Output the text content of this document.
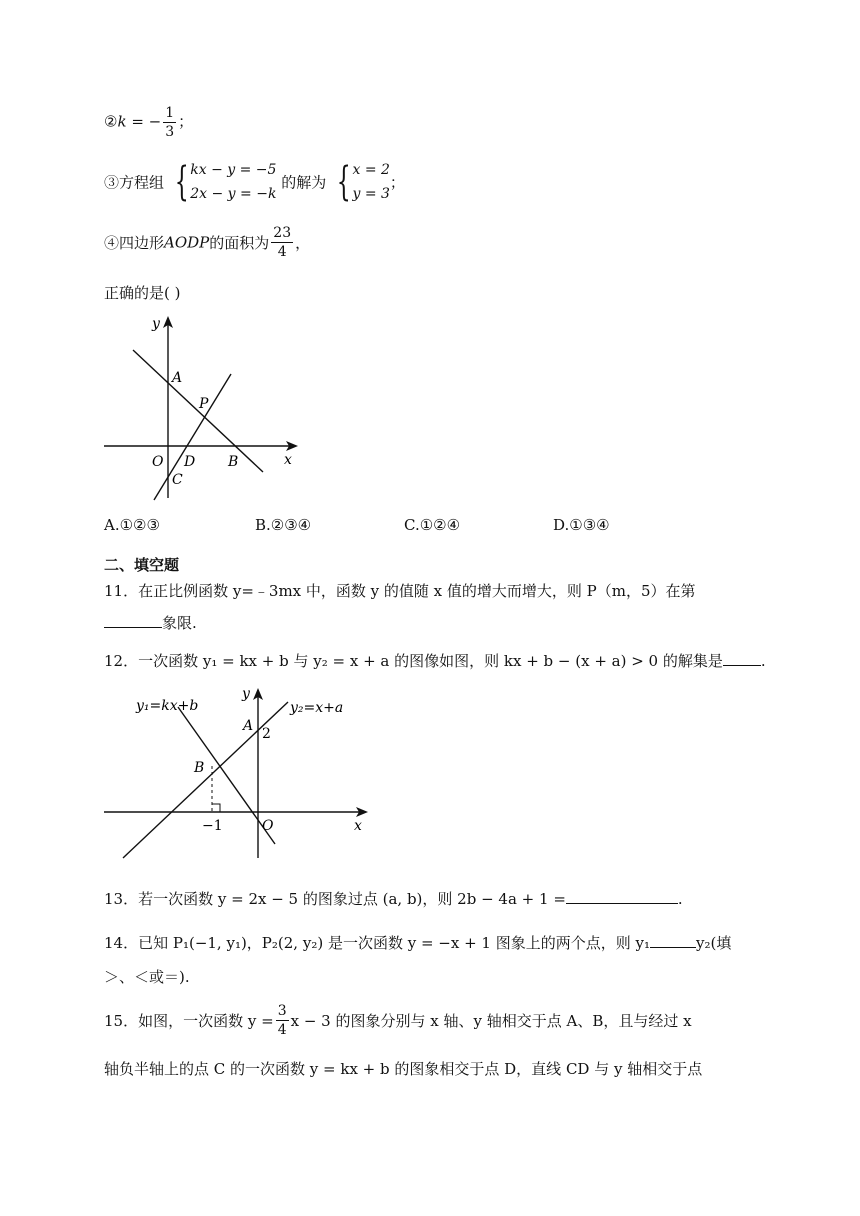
②k = − $\frac{1}{3}$ ；
③方程组 { kx − y = −5
2x − y = −k
的解为 { x = 2
y = 3
；
④四边形AODP的面积为 $\frac{23}{4}$ ，
正确的是( )
y
x
A
P
O D B
C
A.①②③	B.②③④	C.①②④	D.①③④
二、填空题
11．在正比例函数 y=﹣3mx 中，函数 y 的值随 x 值的增大而增大，则 P（m，5）在第
象限.
12．一次函数 y₁ = kx + b 与 y₂ = x + a 的图像如图，则 kx + b − (x + a) > 0 的解集是	.
y₁=kx+b	y₂=x+a
y
x
A 2
B
−1	O
13．若一次函数 y = 2x − 5 的图象过点 (a, b)，则 2b − 4a + 1 =	.
14．已知 P₁(−1, y₁)，P₂(2, y₂) 是一次函数 y = −x + 1 图象上的两个点，则 y₁	y₂(填
＞、＜或＝).
15．如图，一次函数 $y = \frac{3}{4}$ x − 3 的图象分别与 x 轴、y 轴相交于点 A、B，且与经过 x
轴负半轴上的点 C 的一次函数 y = kx + b 的图象相交于点 D，直线 CD 与 y 轴相交于点
